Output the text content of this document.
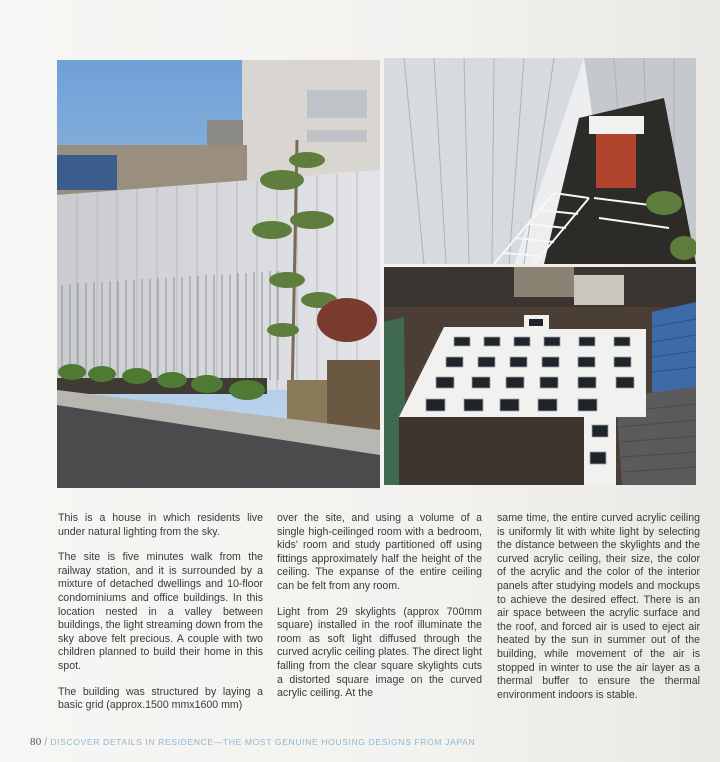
This is a house in which residents live under natural lighting from the sky.

The site is five minutes walk from the railway station, and it is surrounded by a mixture of detached dwellings and 10-floor condominiums and office buildings. In this location nested in a valley between buildings, the light streaming down from the sky above felt precious. A couple with two children planned to build their home in this spot.

The building was structured by laying a basic grid (approx.1500 mmx1600 mm)

over the site, and using a volume of a single high-ceilinged room with a bedroom, kids' room and study partitioned off using fittings approximately half the height of the ceiling. The expanse of the entire ceiling can be felt from any room.

Light from 29 skylights (approx 700mm square) installed in the roof illuminate the room as soft light diffused through the curved acrylic ceiling plates. The direct light falling from the clear square skylights cuts a distorted square image on the curved acrylic ceiling. At the

same time, the entire curved acrylic ceiling is uniformly lit with white light by selecting the distance between the skylights and the curved acrylic ceiling, their size, the color of the acrylic and the color of the interior panels after studying models and mockups to achieve the desired effect. There is an air space between the acrylic surface and the roof, and forced air is used to eject air heated by the sun in summer out of the building, while movement of the air is stopped in winter to use the air layer as a thermal buffer to ensure the thermal environment indoors is stable.

80 / DISCOVER DETAILS IN RESIDENCE—THE MOST GENUINE HOUSING DESIGNS FROM JAPAN
